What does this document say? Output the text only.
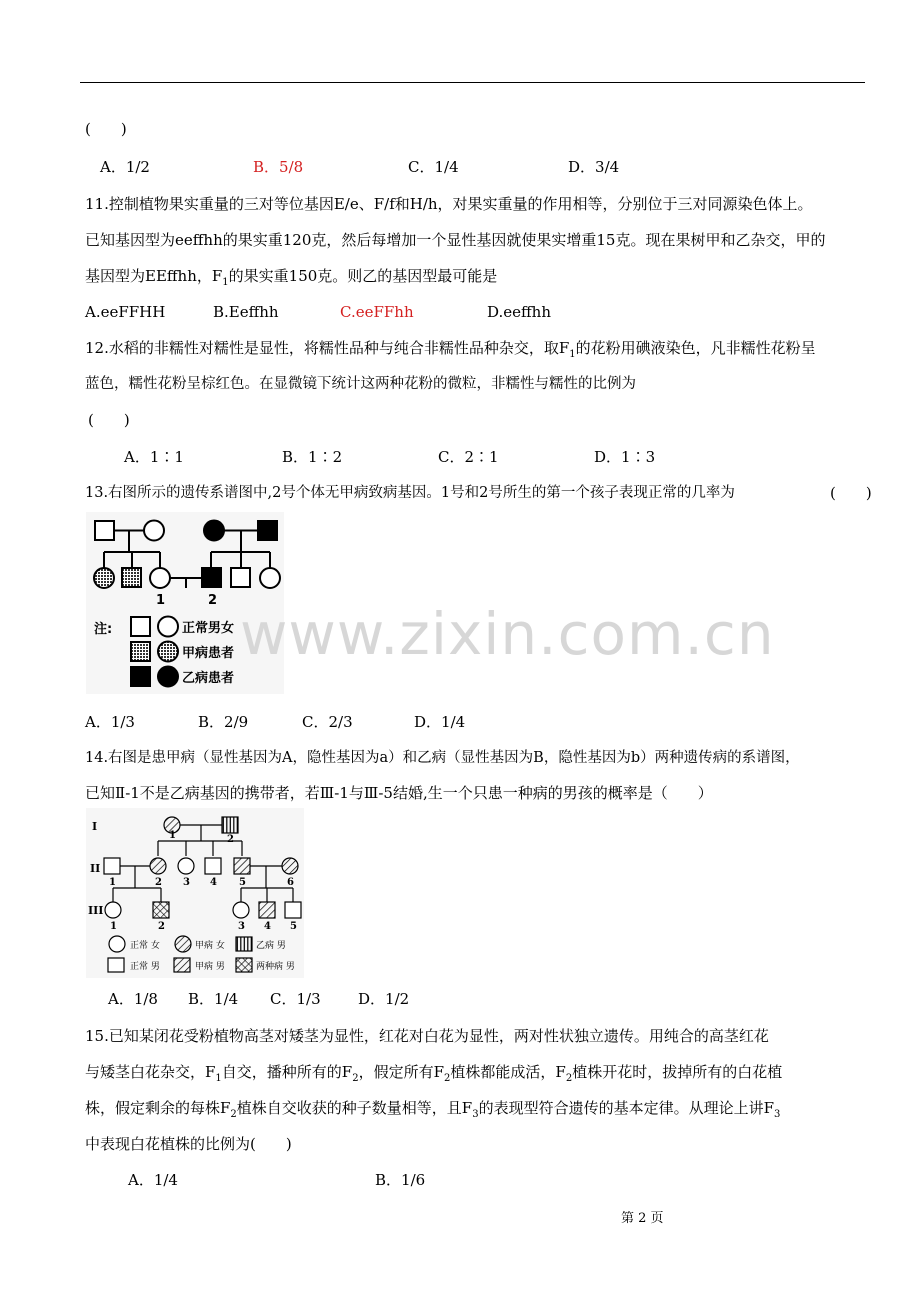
(　　)
A．1/2	B．5/8	C．1/4	D．3/4
11.控制植物果实重量的三对等位基因E/e、F/f和H/h，对果实重量的作用相等，分别位于三对同源染色体上。
已知基因型为eeffhh的果实重120克，然后每增加一个显性基因就使果实增重15克。现在果树甲和乙杂交，甲的
基因型为EEffhh，$F_1$的果实重150克。则乙的基因型最可能是
A.eeFFHH	B.Eeffhh	C.eeFFhh	D.eeffhh
12.水稻的非糯性对糯性是显性，将糯性品种与纯合非糯性品种杂交，取$F_1$的花粉用碘液染色，凡非糯性花粉呈
蓝色，糯性花粉呈棕红色。在显微镜下统计这两种花粉的微粒，非糯性与糯性的比例为
(　　)
A．1∶1	B．1∶2	C．2∶1	D．1∶3
13.右图所示的遗传系谱图中,2号个体无甲病致病基因。1号和2号所生的第一个孩子表现正常的几率为	(　　)
1	2
注:	正常男女
甲病患者
乙病患者
A．1/3	B．2/9	C．2/3	D．1/4
14.右图是患甲病（显性基因为A，隐性基因为a）和乙病（显性基因为B，隐性基因为b）两种遗传病的系谱图，
已知Ⅱ-1不是乙病基因的携带者，若Ⅲ-1与Ⅲ-5结婚,生一个只患一种病的男孩的概率是（　　）
I
II
III
1	2
1	2 3 4 5	6
1	2	3 4 5
正常 女	甲病 女	乙病 男
正常 男	甲病 男	两种病 男
A．1/8 B．1/4 C．1/3 D．1/2
15.已知某闭花受粉植物高茎对矮茎为显性，红花对白花为显性，两对性状独立遗传。用纯合的高茎红花
与矮茎白花杂交，$F_1$自交，播种所有的$F_2$，假定所有$F_2$植株都能成活，$F_2$植株开花时，拔掉所有的白花植
株，假定剩余的每株$F_2$植株自交收获的种子数量相等，且$F_3$的表现型符合遗传的基本定律。从理论上讲$F_3$
中表现白花植株的比例为(　　)
A．1/4	B．1/6
www.zixin.com.cn
第 2 页
